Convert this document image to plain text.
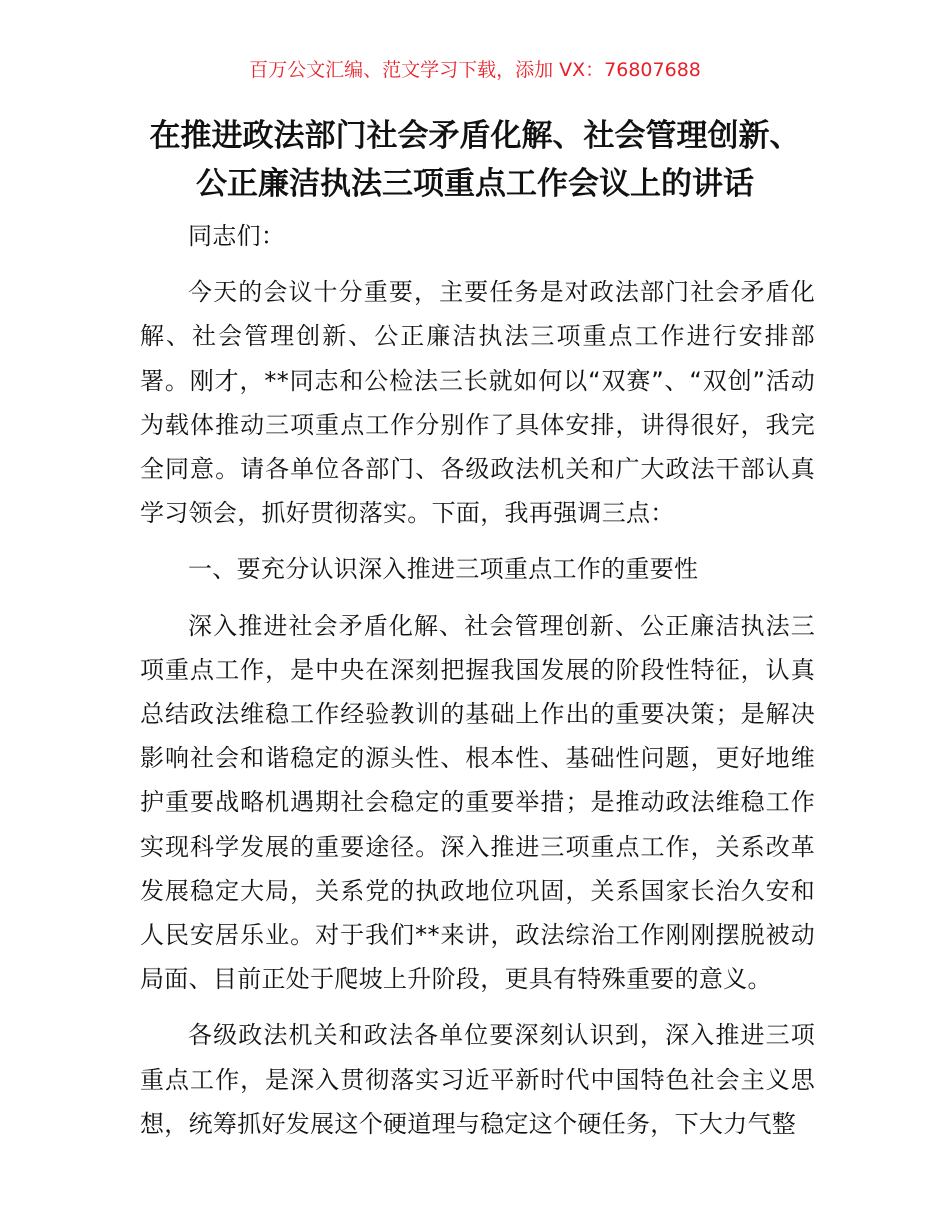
百万公文汇编、范文学习下载，添加 VX：76807688
在推进政法部门社会矛盾化解、社会管理创新、公正廉洁执法三项重点工作会议上的讲话

同志们：

今天的会议十分重要，主要任务是对政法部门社会矛盾化解、社会管理创新、公正廉洁执法三项重点工作进行安排部署。刚才，**同志和公检法三长就如何以“双赛”、“双创”活动为载体推动三项重点工作分别作了具体安排，讲得很好，我完全同意。请各单位各部门、各级政法机关和广大政法干部认真学习领会，抓好贯彻落实。下面，我再强调三点：

一、要充分认识深入推进三项重点工作的重要性

深入推进社会矛盾化解、社会管理创新、公正廉洁执法三项重点工作，是中央在深刻把握我国发展的阶段性特征，认真总结政法维稳工作经验教训的基础上作出的重要决策；是解决影响社会和谐稳定的源头性、根本性、基础性问题，更好地维护重要战略机遇期社会稳定的重要举措；是推动政法维稳工作实现科学发展的重要途径。深入推进三项重点工作，关系改革发展稳定大局，关系党的执政地位巩固，关系国家长治久安和人民安居乐业。对于我们**来讲，政法综治工作刚刚摆脱被动局面、目前正处于爬坡上升阶段，更具有特殊重要的意义。

各级政法机关和政法各单位要深刻认识到，深入推进三项重点工作，是深入贯彻落实习近平新时代中国特色社会主义思想，统筹抓好发展这个硬道理与稳定这个硬任务，下大力气整
